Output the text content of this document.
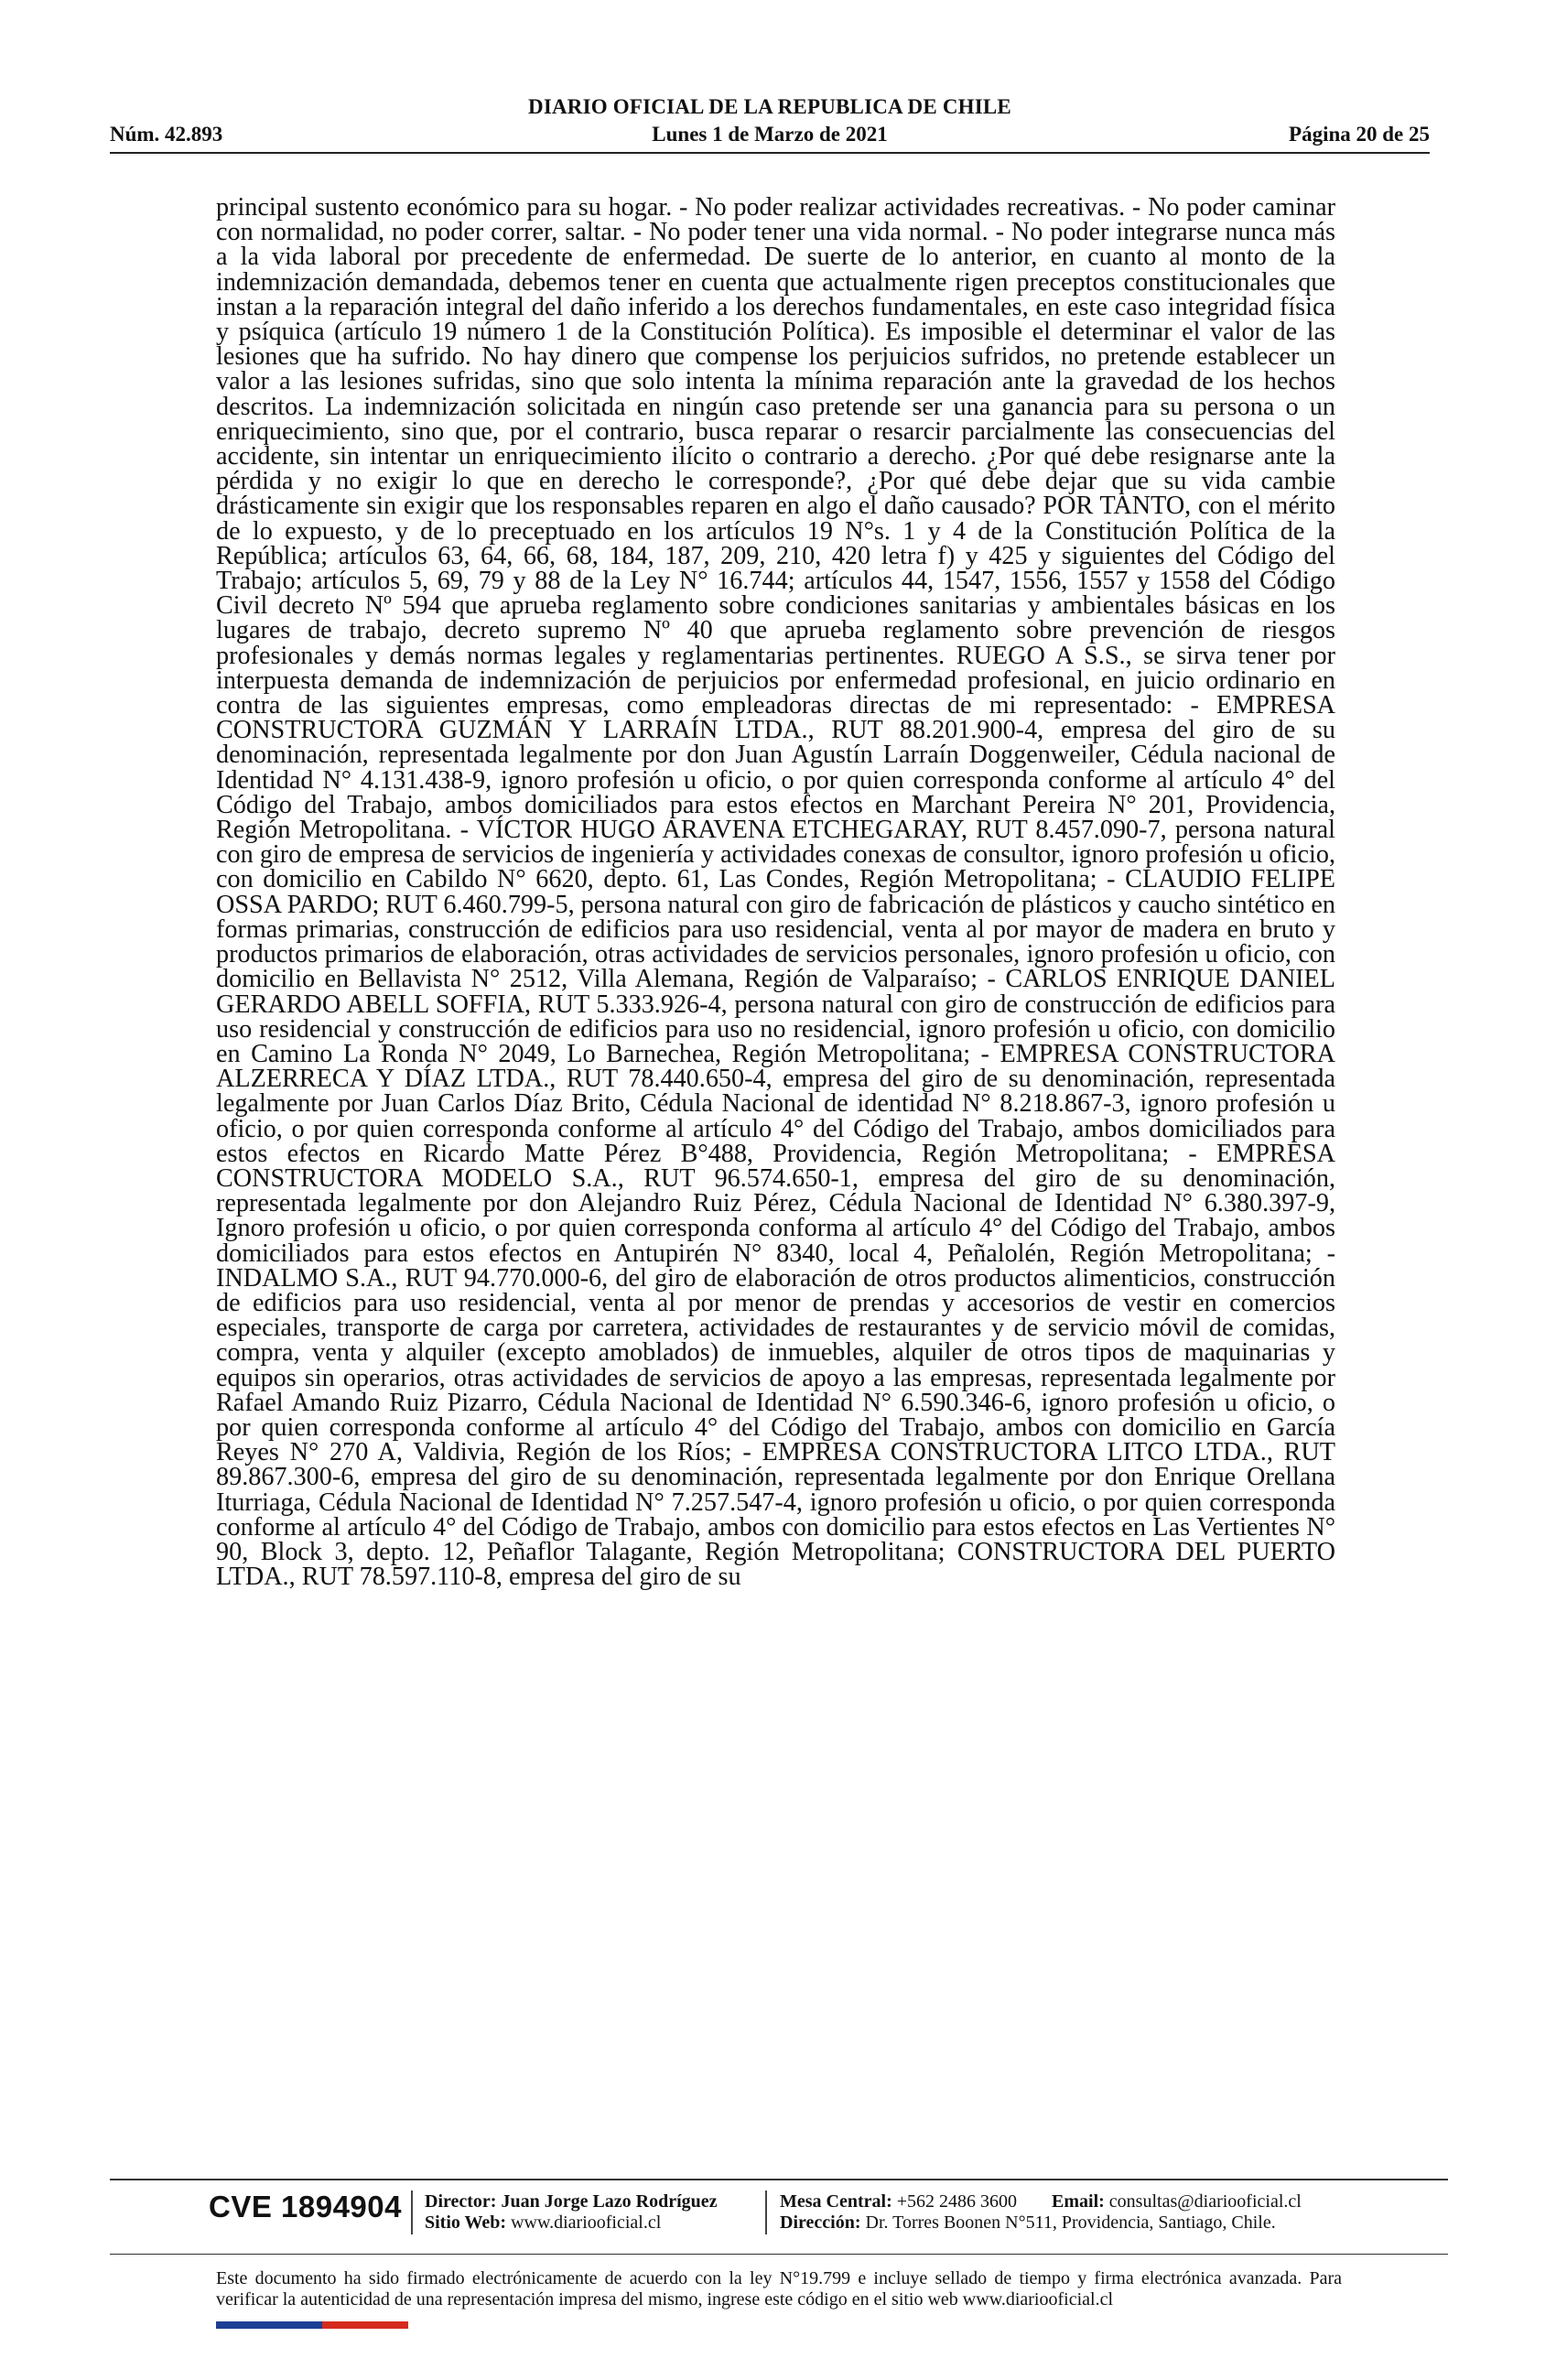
DIARIO OFICIAL DE LA REPUBLICA DE CHILE
Núm. 42.893	Lunes 1 de Marzo de 2021	Página 20 de 25
principal sustento económico para su hogar. - No poder realizar actividades recreativas. - No poder caminar con normalidad, no poder correr, saltar. - No poder tener una vida normal. - No poder integrarse nunca más a la vida laboral por precedente de enfermedad. De suerte de lo anterior, en cuanto al monto de la indemnización demandada, debemos tener en cuenta que actualmente rigen preceptos constitucionales que instan a la reparación integral del daño inferido a los derechos fundamentales, en este caso integridad física y psíquica (artículo 19 número 1 de la Constitución Política). Es imposible el determinar el valor de las lesiones que ha sufrido. No hay dinero que compense los perjuicios sufridos, no pretende establecer un valor a las lesiones sufridas, sino que solo intenta la mínima reparación ante la gravedad de los hechos descritos. La indemnización solicitada en ningún caso pretende ser una ganancia para su persona o un enriquecimiento, sino que, por el contrario, busca reparar o resarcir parcialmente las consecuencias del accidente, sin intentar un enriquecimiento ilícito o contrario a derecho. ¿Por qué debe resignarse ante la pérdida y no exigir lo que en derecho le corresponde?, ¿Por qué debe dejar que su vida cambie drásticamente sin exigir que los responsables reparen en algo el daño causado? POR TANTO, con el mérito de lo expuesto, y de lo preceptuado en los artículos 19 N°s. 1 y 4 de la Constitución Política de la República; artículos 63, 64, 66, 68, 184, 187, 209, 210, 420 letra f) y 425 y siguientes del Código del Trabajo; artículos 5, 69, 79 y 88 de la Ley N° 16.744; artículos 44, 1547, 1556, 1557 y 1558 del Código Civil decreto Nº 594 que aprueba reglamento sobre condiciones sanitarias y ambientales básicas en los lugares de trabajo, decreto supremo Nº 40 que aprueba reglamento sobre prevención de riesgos profesionales y demás normas legales y reglamentarias pertinentes. RUEGO A S.S., se sirva tener por interpuesta demanda de indemnización de perjuicios por enfermedad profesional, en juicio ordinario en contra de las siguientes empresas, como empleadoras directas de mi representado: - EMPRESA CONSTRUCTORA GUZMÁN Y LARRAÍN LTDA., RUT 88.201.900-4, empresa del giro de su denominación, representada legalmente por don Juan Agustín Larraín Doggenweiler, Cédula nacional de Identidad N° 4.131.438-9, ignoro profesión u oficio, o por quien corresponda conforme al artículo 4° del Código del Trabajo, ambos domiciliados para estos efectos en Marchant Pereira N° 201, Providencia, Región Metropolitana. - VÍCTOR HUGO ARAVENA ETCHEGARAY, RUT 8.457.090-7, persona natural con giro de empresa de servicios de ingeniería y actividades conexas de consultor, ignoro profesión u oficio, con domicilio en Cabildo N° 6620, depto. 61, Las Condes, Región Metropolitana; - CLAUDIO FELIPE OSSA PARDO; RUT 6.460.799-5, persona natural con giro de fabricación de plásticos y caucho sintético en formas primarias, construcción de edificios para uso residencial, venta al por mayor de madera en bruto y productos primarios de elaboración, otras actividades de servicios personales, ignoro profesión u oficio, con domicilio en Bellavista N° 2512, Villa Alemana, Región de Valparaíso; - CARLOS ENRIQUE DANIEL GERARDO ABELL SOFFIA, RUT 5.333.926-4, persona natural con giro de construcción de edificios para uso residencial y construcción de edificios para uso no residencial, ignoro profesión u oficio, con domicilio en Camino La Ronda N° 2049, Lo Barnechea, Región Metropolitana; - EMPRESA CONSTRUCTORA ALZERRECA Y DÍAZ LTDA., RUT 78.440.650-4, empresa del giro de su denominación, representada legalmente por Juan Carlos Díaz Brito, Cédula Nacional de identidad N° 8.218.867-3, ignoro profesión u oficio, o por quien corresponda conforme al artículo 4° del Código del Trabajo, ambos domiciliados para estos efectos en Ricardo Matte Pérez B°488, Providencia, Región Metropolitana; - EMPRESA CONSTRUCTORA MODELO S.A., RUT 96.574.650-1, empresa del giro de su denominación, representada legalmente por don Alejandro Ruiz Pérez, Cédula Nacional de Identidad N° 6.380.397-9, Ignoro profesión u oficio, o por quien corresponda conforma al artículo 4° del Código del Trabajo, ambos domiciliados para estos efectos en Antupirén N° 8340, local 4, Peñalolén, Región Metropolitana; - INDALMO S.A., RUT 94.770.000-6, del giro de elaboración de otros productos alimenticios, construcción de edificios para uso residencial, venta al por menor de prendas y accesorios de vestir en comercios especiales, transporte de carga por carretera, actividades de restaurantes y de servicio móvil de comidas, compra, venta y alquiler (excepto amoblados) de inmuebles, alquiler de otros tipos de maquinarias y equipos sin operarios, otras actividades de servicios de apoyo a las empresas, representada legalmente por Rafael Amando Ruiz Pizarro, Cédula Nacional de Identidad N° 6.590.346-6, ignoro profesión u oficio, o por quien corresponda conforme al artículo 4° del Código del Trabajo, ambos con domicilio en García Reyes N° 270 A, Valdivia, Región de los Ríos; - EMPRESA CONSTRUCTORA LITCO LTDA., RUT 89.867.300-6, empresa del giro de su denominación, representada legalmente por don Enrique Orellana Iturriaga, Cédula Nacional de Identidad N° 7.257.547-4, ignoro profesión u oficio, o por quien corresponda conforme al artículo 4° del Código de Trabajo, ambos con domicilio para estos efectos en Las Vertientes N° 90, Block 3, depto. 12, Peñaflor Talagante, Región Metropolitana; CONSTRUCTORA DEL PUERTO LTDA., RUT 78.597.110-8, empresa del giro de su
CVE 1894904 Director: Juan Jorge Lazo Rodríguez
Sitio Web: www.diariooficial.cl
Mesa Central: +562 2486 3600 Email: consultas@diariooficial.cl
Dirección: Dr. Torres Boonen N°511, Providencia, Santiago, Chile.
Este documento ha sido firmado electrónicamente de acuerdo con la ley N°19.799 e incluye sellado de tiempo y firma electrónica avanzada. Para verificar la autenticidad de una representación impresa del mismo, ingrese este código en el sitio web www.diariooficial.cl
